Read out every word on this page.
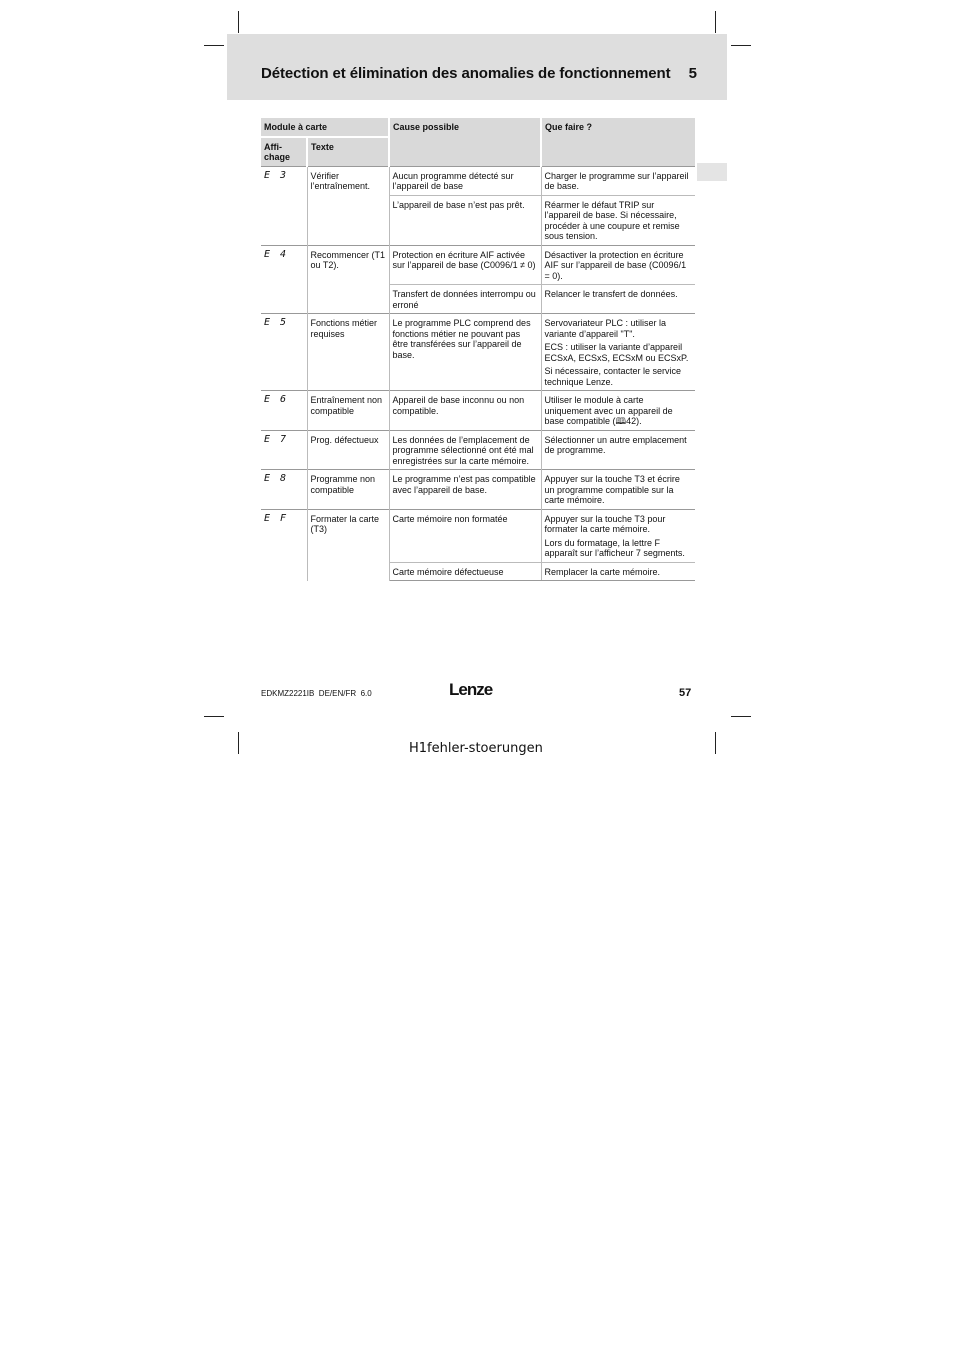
Détection et élimination des anomalies de fonctionnement 5
Module à carte		Cause possible	Que faire ?
Affi-
chage	Texte		
E 3	Vérifier l’entraînement.	Aucun programme détecté sur l’appareil de base	Charger le programme sur l’appareil de base.

		L’appareil de base n’est pas prêt.	Réarmer le défaut TRIP sur l’appareil de base. Si nécessaire, procéder à une coupure et remise sous tension.

E 4	Recommencer (T1 ou T2).	Protection en écriture AIF activée sur l’appareil de base (C0096/1 ≠ 0)	Désactiver la protection en écriture AIF sur l’appareil de base (C0096/1 = 0).

		Transfert de données interrompu ou erroné	Relancer le transfert de données.

E 5	Fonctions métier requises	Le programme PLC comprend des fonctions métier ne pouvant pas être transférées sur l’appareil de base.	Servovariateur PLC : utiliser la variante d’appareil "T".

ECS : utiliser la variante d’appareil ECSxA, ECSxS, ECSxM ou ECSxP.

Si nécessaire, contacter le service technique Lenze.

E 6	Entraînement non compatible	Appareil de base inconnu ou non compatible.	Utiliser le module à carte uniquement avec un appareil de base compatible (🕮42).

E 7	Prog. défectueux	Les données de l’emplacement de programme sélectionné ont été mal enregistrées sur la carte mémoire.	Sélectionner un autre emplacement de programme.

E 8	Programme non compatible	Le programme n’est pas compatible avec l’appareil de base.	Appuyer sur la touche T3 et écrire un programme compatible sur la carte mémoire.

E F	Formater la carte (T3)	Carte mémoire non formatée	Appuyer sur la touche T3 pour formater la carte mémoire.

Lors du formatage, la lettre F apparaît sur l’afficheur 7 segments.

		Carte mémoire défectueuse	Remplacer la carte mémoire.

EDKMZ2221IB  DE/EN/FR  6.0	Lenze	57
H1fehler-stoerungen
